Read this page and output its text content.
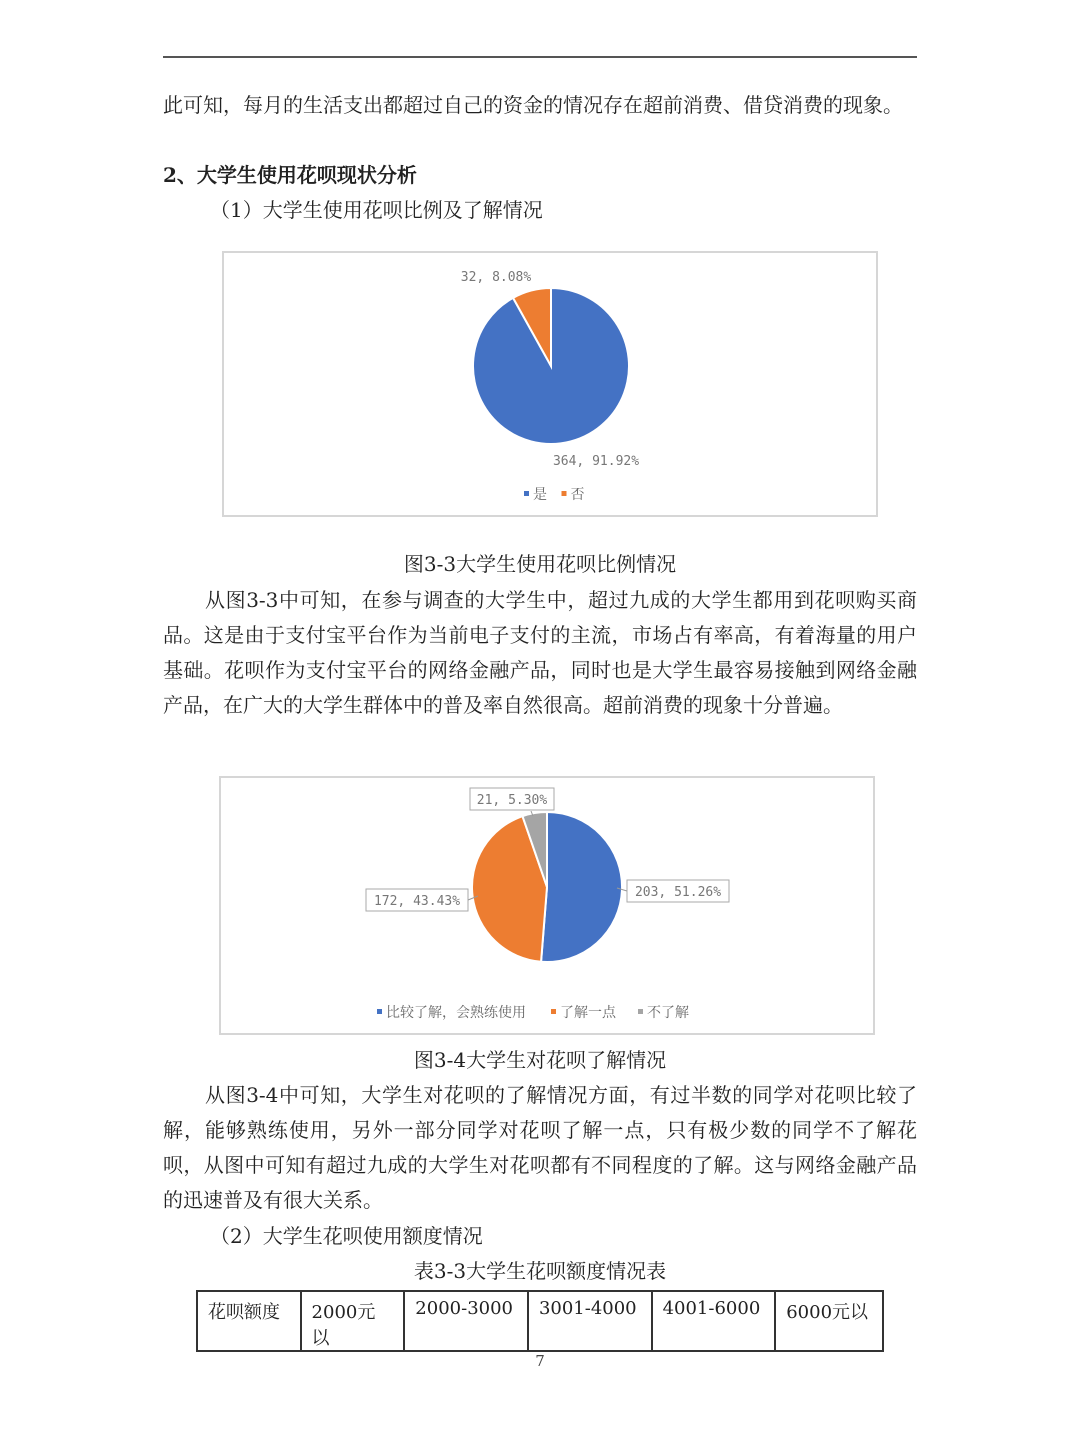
此可知，每月的生活支出都超过自己的资金的情况存在超前消费、借贷消费的现象。

2、大学生使用花呗现状分析

（1）大学生使用花呗比例及了解情况

364, 91.92%
32, 8.08%
是 否

图3-3大学生使用花呗比例情况

从图3-3中可知，在参与调查的大学生中，超过九成的大学生都用到花呗购买商品。这是由于支付宝平台作为当前电子支付的主流，市场占有率高，有着海量的用户基础。花呗作为支付宝平台的网络金融产品，同时也是大学生最容易接触到网络金融产品，在广大的大学生群体中的普及率自然很高。超前消费的现象十分普遍。

203, 51.26%
172, 43.43%
21, 5.30%
比较了解，会熟练使用 了解一点 不了解

图3-4大学生对花呗了解情况

从图3-4中可知，大学生对花呗的了解情况方面，有过半数的同学对花呗比较了解，能够熟练使用，另外一部分同学对花呗了解一点，只有极少数的同学不了解花呗，从图中可知有超过九成的大学生对花呗都有不同程度的了解。这与网络金融产品的迅速普及有很大关系。

（2）大学生花呗使用额度情况

表3-3大学生花呗额度情况表

花呗额度	2000元以	2000-3000	3001-4000	4001-6000	6000元以
7
